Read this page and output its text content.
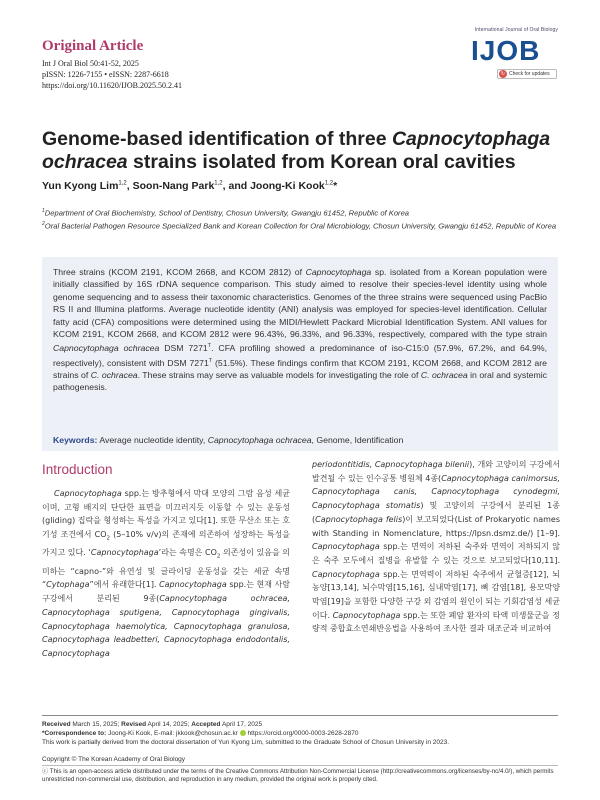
Original Article
Int J Oral Biol 50:41-52, 2025
pISSN: 1226-7155 • eISSN: 2287-6618
https://doi.org/10.11620/IJOB.2025.50.2.41
International Journal of Oral Biology
IJOB
↻ Check for updates
Genome-based identification of three Capnocytophaga ochracea strains isolated from Korean oral cavities
Yun Kyong Lim$^{1,2}$, Soon-Nang Park$^{1,2}$, and Joong-Ki Kook$^{1,2}$*
$^1$Department of Oral Biochemistry, School of Dentistry, Chosun University, Gwangju 61452, Republic of Korea
$^2$Oral Bacterial Pathogen Resource Specialized Bank and Korean Collection for Oral Microbiology, Chosun University, Gwangju 61452, Republic of Korea
Three strains (KCOM 2191, KCOM 2668, and KCOM 2812) of Capnocytophaga sp. isolated from a Korean population were initially classified by 16S rDNA sequence comparison. This study aimed to resolve their species-level identity using whole genome sequencing and to assess their taxonomic characteristics. Genomes of the three strains were sequenced using PacBio RS II and Illumina platforms. Average nucleotide identity (ANI) analysis was employed for species-level identification. Cellular fatty acid (CFA) compositions were determined using the MIDI/Hewlett Packard Microbial Identification System. ANI values for KCOM 2191, KCOM 2668, and KCOM 2812 were 96.43%, 96.33%, and 96.33%, respectively, compared with the type strain Capnocytophaga ochracea DSM $7271^T$. CFA profiling showed a predominance of iso-C15:0 (57.9%, 67.2%, and 64.9%, respectively), consistent with DSM $7271^T$ (51.5%). These findings confirm that KCOM 2191, KCOM 2668, and KCOM 2812 are strains of C. ochracea. These strains may serve as valuable models for investigating the role of C. ochracea in oral and systemic pathogenesis.
Keywords: Average nucleotide identity, Capnocytophaga ochracea, Genome, Identification
Introduction
Capnocytophaga spp.는 방추형에서 막대 모양의 그람 음성 세균이며, 고형 배지의 단단한 표면을 미끄러지듯 이동할 수 있는 운동성(gliding) 집락을 형성하는 특성을 가지고 있다[1]. 또한 무산소 또는 호기성 조건에서 $CO_2$ (5–10% v/v)의 존재에 의존하여 성장하는 특성을 가지고 있다. ‘Capnocytophaga’라는 속명은 $CO_2$ 의존성이 있음을 의미하는 “capno-”와 유연성 및 글라이딩 운동성을 갖는 세균 속명 “Cytophaga”에서 유래한다[1]. Capnocytophaga spp.는 현재 사람 구강에서 분리된 9종(Capnocytophaga ochracea, Capnocytophaga sputigena, Capnocytophaga gingivalis, Capnocytophaga haemolytica, Capnocytophaga granulosa, Capnocytophaga leadbetteri, Capnocytophaga endodontalis, Capnocytophaga
periodontitidis, Capnocytophaga bilenii), 개와 고양이의 구강에서 발견될 수 있는 인수공통 병원체 4종(Capnocytophaga canimorsus, Capnocytophaga canis, Capnocytophaga cynodegmi, Capnocytophaga stomatis) 및 고양이의 구강에서 분리된 1종(Capnocytophaga felis)이 보고되었다(List of Prokaryotic names with Standing in Nomenclature, https://lpsn.dsmz.de/) [1–9]. Capnocytophaga spp.는 면역이 저하된 숙주와 면역이 저하되지 않은 숙주 모두에서 질병을 유발할 수 있는 것으로 보고되었다[10,11]. Capnocytophaga spp.는 면역력이 저하된 숙주에서 균혈증[12], 뇌농양[13,14], 뇌수막염[15,16], 심내막염[17], 뼈 감염[18], 용모막양막염[19]을 포함한 다양한 구강 외 감염의 원인이 되는 기회감염성 세균이다. Capnocytophaga spp.는 또한 폐암 환자의 타액 미생물군을 정량적 중합효소연쇄반응법을 사용하여 조사한 결과 대조군과 비교하여
Received March 15, 2025; Revised April 14, 2025; Accepted April 17, 2025
*Correspondence to: Joong-Ki Kook, E-mail: jkkook@chosun.ac.kr  https://orcid.org/0000-0003-2628-2870
This work is partially derived from the doctoral dissertation of Yun Kyong Lim, submitted to the Graduate School of Chosun University in 2023.
Copyright © The Korean Academy of Oral Biology
ⓒ This is an open-access article distributed under the terms of the Creative Commons Attribution Non-Commercial License (http://creativecommons.org/licenses/by-nc/4.0/), which permits unrestricted non-commercial use, distribution, and reproduction in any medium, provided the original work is properly cited.
